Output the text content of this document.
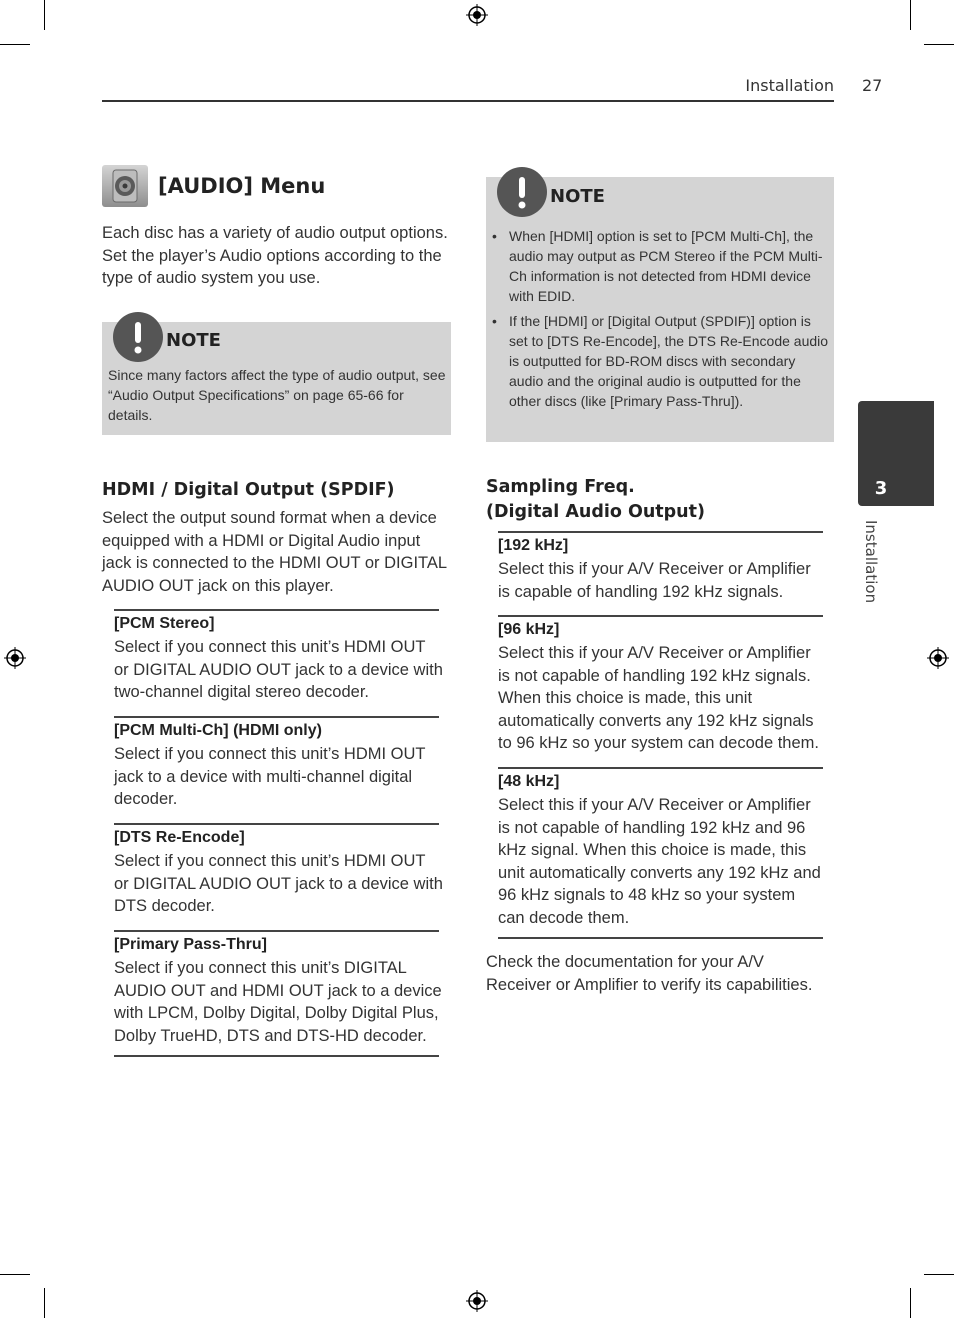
Installation 27
[AUDIO] Menu
Each disc has a variety of audio output options. Set the player’s Audio options according to the type of audio system you use.
NOTE
Since many factors affect the type of audio output, see “Audio Output Specifications” on page 65-66 for details.
NOTE
• When [HDMI] option is set to [PCM Multi-Ch], the audio may output as PCM Stereo if the PCM Multi-Ch information is not detected from HDMI device with EDID.
• If the [HDMI] or [Digital Output (SPDIF)] option is set to [DTS Re-Encode], the DTS Re-Encode audio is outputted for BD-ROM discs with secondary audio and the original audio is outputted for the other discs (like [Primary Pass-Thru]).
HDMI / Digital Output (SPDIF)
Select the output sound format when a device equipped with a HDMI or Digital Audio input jack is connected to the HDMI OUT or DIGITAL AUDIO OUT jack on this player.
[PCM Stereo]
Select if you connect this unit’s HDMI OUT or DIGITAL AUDIO OUT jack to a device with two-channel digital stereo decoder.
[PCM Multi-Ch] (HDMI only)
Select if you connect this unit’s HDMI OUT jack to a device with multi-channel digital decoder.
[DTS Re-Encode]
Select if you connect this unit’s HDMI OUT or DIGITAL AUDIO OUT jack to a device with DTS decoder.
[Primary Pass-Thru]
Select if you connect this unit’s DIGITAL AUDIO OUT and HDMI OUT jack to a device with LPCM, Dolby Digital, Dolby Digital Plus, Dolby TrueHD, DTS and DTS-HD decoder.
Sampling Freq.
(Digital Audio Output)
[192 kHz]
Select this if your A/V Receiver or Amplifier is capable of handling 192 kHz signals.
[96 kHz]
Select this if your A/V Receiver or Amplifier is not capable of handling 192 kHz signals. When this choice is made, this unit automatically converts any 192 kHz signals to 96 kHz so your system can decode them.
[48 kHz]
Select this if your A/V Receiver or Amplifier is not capable of handling 192 kHz and 96 kHz signal. When this choice is made, this unit automatically converts any 192 kHz and 96 kHz signals to 48 kHz so your system can decode them.
Check the documentation for your A/V Receiver or Amplifier to verify its capabilities.
3
Installation
